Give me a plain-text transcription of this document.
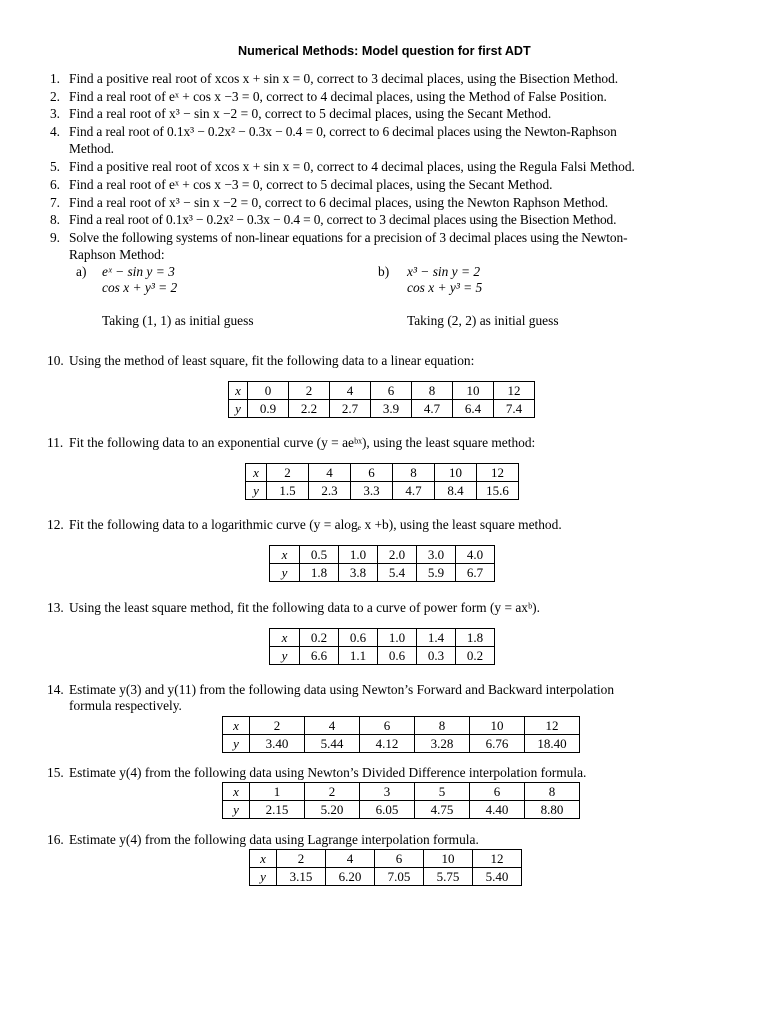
Numerical Methods: Model question for first ADT
1. Find a positive real root of xcos x + sin x = 0, correct to 3 decimal places, using the Bisection Method.
2. Find a real root of eˣ + cos x −3 = 0, correct to 4 decimal places, using the Method of False Position.
3. Find a real root of x³ − sin x −2 = 0, correct to 5 decimal places, using the Secant Method.
4. Find a real root of 0.1x³ − 0.2x² − 0.3x − 0.4 = 0, correct to 6 decimal places using the Newton-Raphson
Method.
5. Find a positive real root of xcos x + sin x = 0, correct to 4 decimal places, using the Regula Falsi Method.
6. Find a real root of eˣ + cos x −3 = 0, correct to 5 decimal places, using the Secant Method.
7. Find a real root of x³ − sin x −2 = 0, correct to 6 decimal places, using the Newton Raphson Method.
8. Find a real root of 0.1x³ − 0.2x² − 0.3x − 0.4 = 0, correct to 3 decimal places using the Bisection Method.
9. Solve the following systems of non-linear equations for a precision of 3 decimal places using the Newton-
Raphson Method:
a) eˣ − sin y = 3
cos x + y³ = 2
Taking (1, 1) as initial guess
b) x³ − sin y = 2
cos x + y³ = 5
Taking (2, 2) as initial guess
10. Using the method of least square, fit the following data to a linear equation:
x	0	2	4	6	8	10	12
y	0.9	2.2	2.7	3.9	4.7	6.4	7.4
11. Fit the following data to an exponential curve (y = aeᵇˣ), using the least square method:
x	2	4	6	8	10	12
y	1.5	2.3	3.3	4.7	8.4	15.6
12. Fit the following data to a logarithmic curve (y = alogₑ x +b), using the least square method.
x	0.5	1.0	2.0	3.0	4.0
y	1.8	3.8	5.4	5.9	6.7
13. Using the least square method, fit the following data to a curve of power form (y = axᵇ).
x	0.2	0.6	1.0	1.4	1.8
y	6.6	1.1	0.6	0.3	0.2
14. Estimate y(3) and y(11) from the following data using Newton’s Forward and Backward interpolation
formula respectively.
x	2	4	6	8	10	12
y	3.40	5.44	4.12	3.28	6.76	18.40
15. Estimate y(4) from the following data using Newton’s Divided Difference interpolation formula.
x	1	2	3	5	6	8
y	2.15	5.20	6.05	4.75	4.40	8.80
16. Estimate y(4) from the following data using Lagrange interpolation formula.
x	2	4	6	10	12
y	3.15	6.20	7.05	5.75	5.40
